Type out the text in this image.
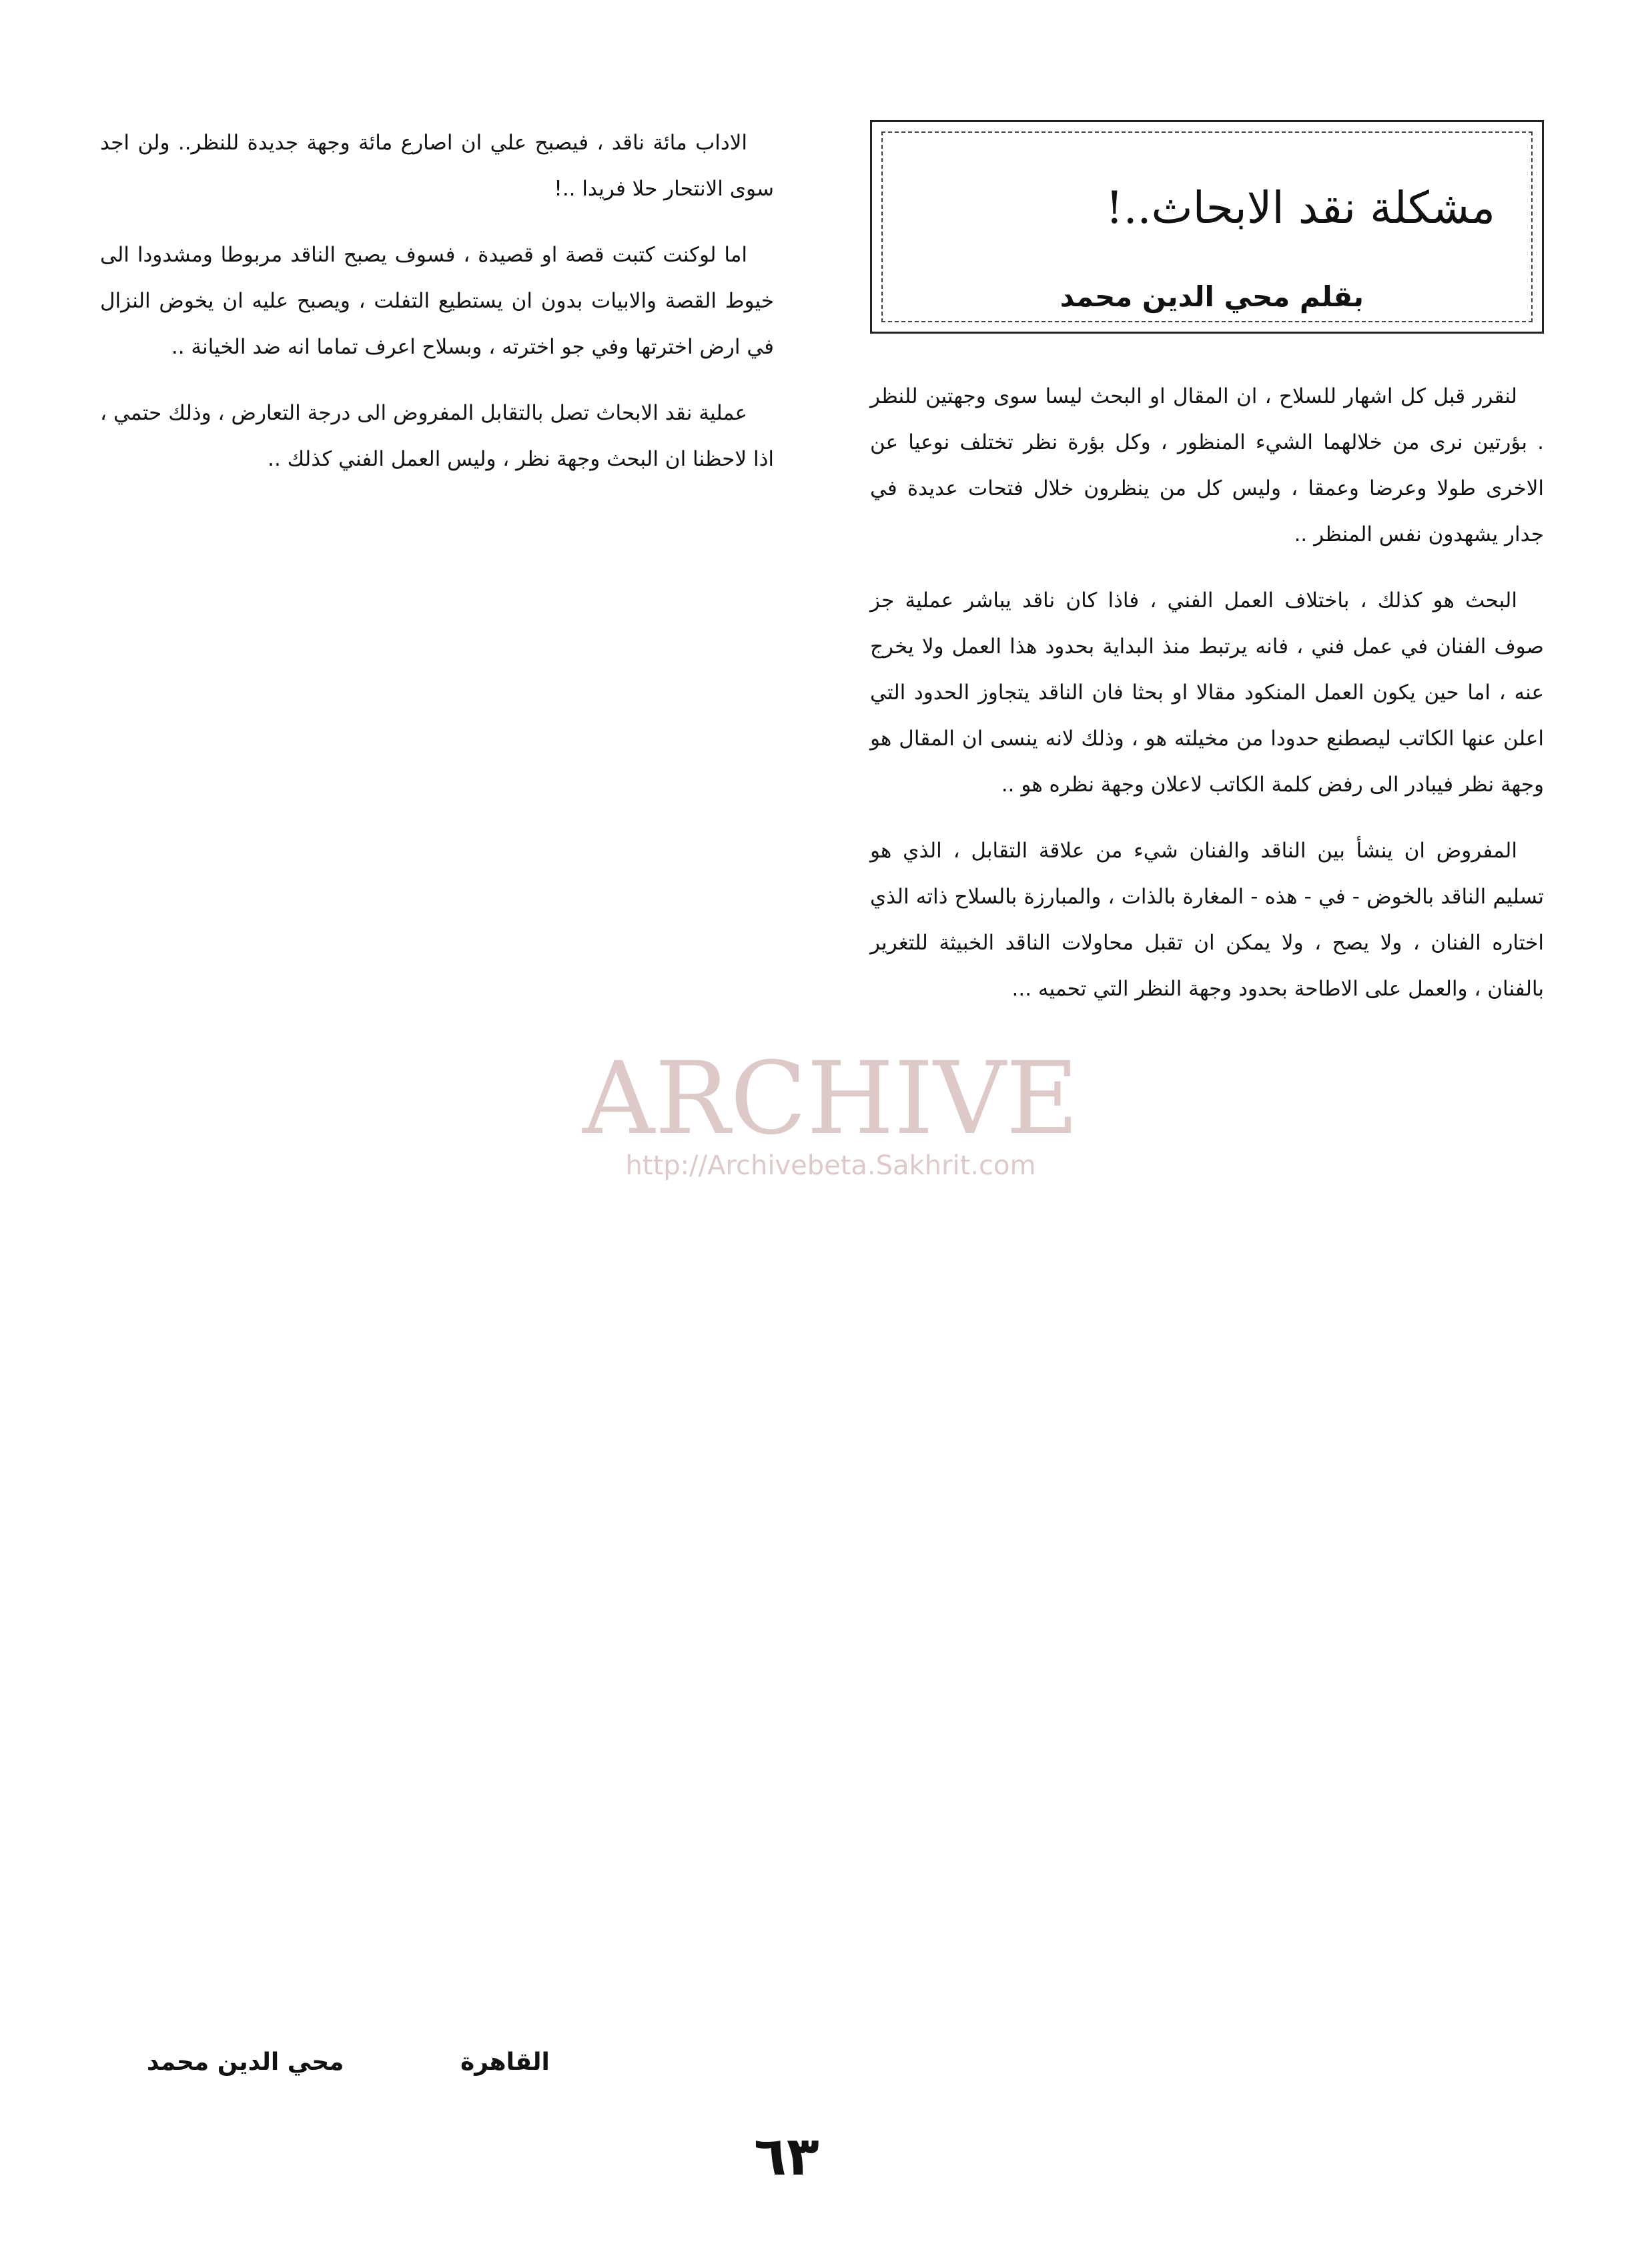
مشكلة نقد الابحاث..!
بقلم محي الدين محمد

لنقرر قبل كل اشهار للسلاح ، ان المقال او البحث ليسا سوى وجهتين للنظر . بؤرتين نرى من خلالهما الشيء المنظور ، وكل بؤرة نظر تختلف نوعيا عن الاخرى طولا وعرضا وعمقا ، وليس كل من ينظرون خلال فتحات عديدة في جدار يشهدون نفس المنظر ..

البحث هو كذلك ، باختلاف العمل الفني ، فاذا كان ناقد يباشر عملية جز صوف الفنان في عمل فني ، فانه يرتبط منذ البداية بحدود هذا العمل ولا يخرج عنه ، اما حين يكون العمل المنكود مقالا او بحثا فان الناقد يتجاوز الحدود التي اعلن عنها الكاتب ليصطنع حدودا من مخيلته هو ، وذلك لانه ينسى ان المقال هو وجهة نظر فيبادر الى رفض كلمة الكاتب لاعلان وجهة نظره هو ..

المفروض ان ينشأ بين الناقد والفنان شيء من علاقة التقابل ، الذي هو تسليم الناقد بالخوض - في - هذه - المغارة بالذات ، والمبارزة بالسلاح ذاته الذي اختاره الفنان ، ولا يصح ، ولا يمكن ان تقبل محاولات الناقد الخبيثة للتغرير بالفنان ، والعمل على الاطاحة بحدود وجهة النظر التي تحميه ...

الاداب مائة ناقد ، فيصبح علي ان اصارع مائة وجهة جديدة للنظر.. ولن اجد سوى الانتحار حلا فريدا ..!

اما لوكنت كتبت قصة او قصيدة ، فسوف يصبح الناقد مربوطا ومشدودا الى خيوط القصة والابيات بدون ان يستطيع التفلت ، ويصبح عليه ان يخوض النزال في ارض اخترتها وفي جو اخترته ، وبسلاح اعرف تماما انه ضد الخيانة ..

عملية نقد الابحاث تصل بالتقابل المفروض الى درجة التعارض ، وذلك حتمي ، اذا لاحظنا ان البحث وجهة نظر ، وليس العمل الفني كذلك ..

محي الدين محمد	القاهرة
٦٣
ARCHIVE
http://Archivebeta.Sakhrit.com
